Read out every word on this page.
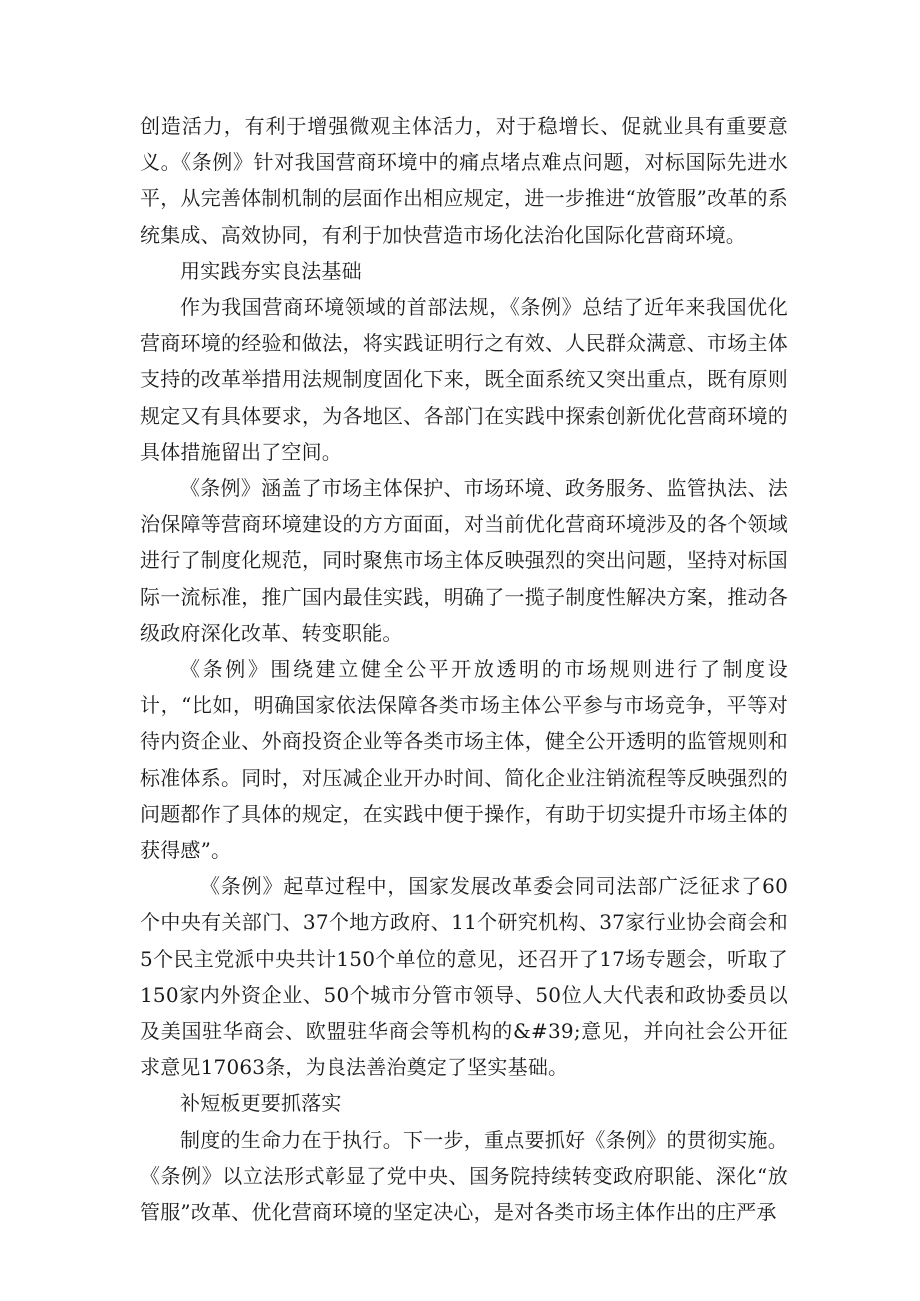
创造活力，有利于增强微观主体活力，对于稳增长、促就业具有重要意义。《条例》针对我国营商环境中的痛点堵点难点问题，对标国际先进水平，从完善体制机制的层面作出相应规定，进一步推进“放管服”改革的系统集成、高效协同，有利于加快营造市场化法治化国际化营商环境。

用实践夯实良法基础

作为我国营商环境领域的首部法规，《条例》总结了近年来我国优化营商环境的经验和做法，将实践证明行之有效、人民群众满意、市场主体支持的改革举措用法规制度固化下来，既全面系统又突出重点，既有原则规定又有具体要求，为各地区、各部门在实践中探索创新优化营商环境的具体措施留出了空间。

《条例》涵盖了市场主体保护、市场环境、政务服务、监管执法、法治保障等营商环境建设的方方面面，对当前优化营商环境涉及的各个领域进行了制度化规范，同时聚焦市场主体反映强烈的突出问题，坚持对标国际一流标准，推广国内最佳实践，明确了一揽子制度性解决方案，推动各级政府深化改革、转变职能。

《条例》围绕建立健全公平开放透明的市场规则进行了制度设计，“比如，明确国家依法保障各类市场主体公平参与市场竞争，平等对待内资企业、外商投资企业等各类市场主体，健全公开透明的监管规则和标准体系。同时，对压减企业开办时间、简化企业注销流程等反映强烈的问题都作了具体的规定，在实践中便于操作，有助于切实提升市场主体的获得感”。

《条例》起草过程中，国家发展改革委会同司法部广泛征求了60个中央有关部门、37个地方政府、11个研究机构、37家行业协会商会和5个民主党派中央共计150个单位的意见，还召开了17场专题会，听取了150家内外资企业、50个城市分管市领导、50位人大代表和政协委员以及美国驻华商会、欧盟驻华商会等机构的&#39;意见，并向社会公开征求意见17063条，为良法善治奠定了坚实基础。

补短板更要抓落实

制度的生命力在于执行。下一步，重点要抓好《条例》的贯彻实施。《条例》以立法形式彰显了党中央、国务院持续转变政府职能、深化“放管服”改革、优化营商环境的坚定决心，是对各类市场主体作出的庄严承
